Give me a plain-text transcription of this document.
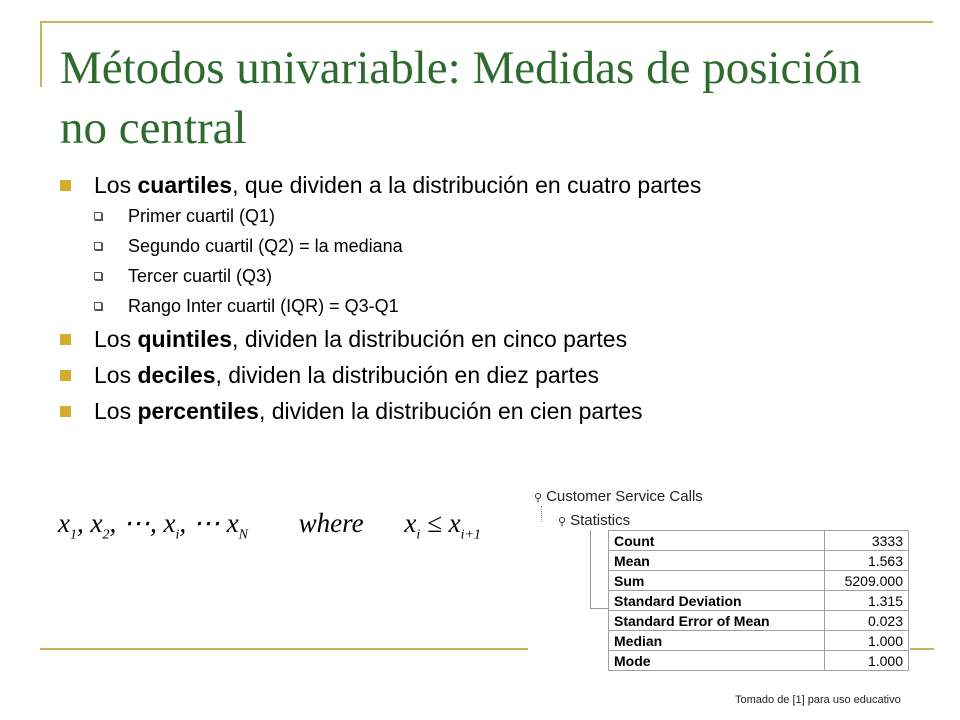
Métodos univariable: Medidas de posición no central
Los cuartiles, que dividen a la distribución en cuatro partes
Primer cuartil (Q1)
Segundo cuartil (Q2) = la mediana
Tercer cuartil (Q3)
Rango Inter cuartil (IQR) = Q3-Q1
Los quintiles, dividen la distribución en cinco partes
Los deciles, dividen la distribución en diez partes
Los percentiles, dividen la distribución en cien partes
$x_1$, $x_2$, ⋯, $x_i$, ⋯ $x_N$ where $x_i \le x_{i+1}$
⚲ Customer Service Calls
⚲ Statistics
Count	3333
Mean	1.563
Sum	5209.000
Standard Deviation	1.315
Standard Error of Mean	0.023
Median	1.000
Mode	1.000
Tomado de [1] para uso educativo
